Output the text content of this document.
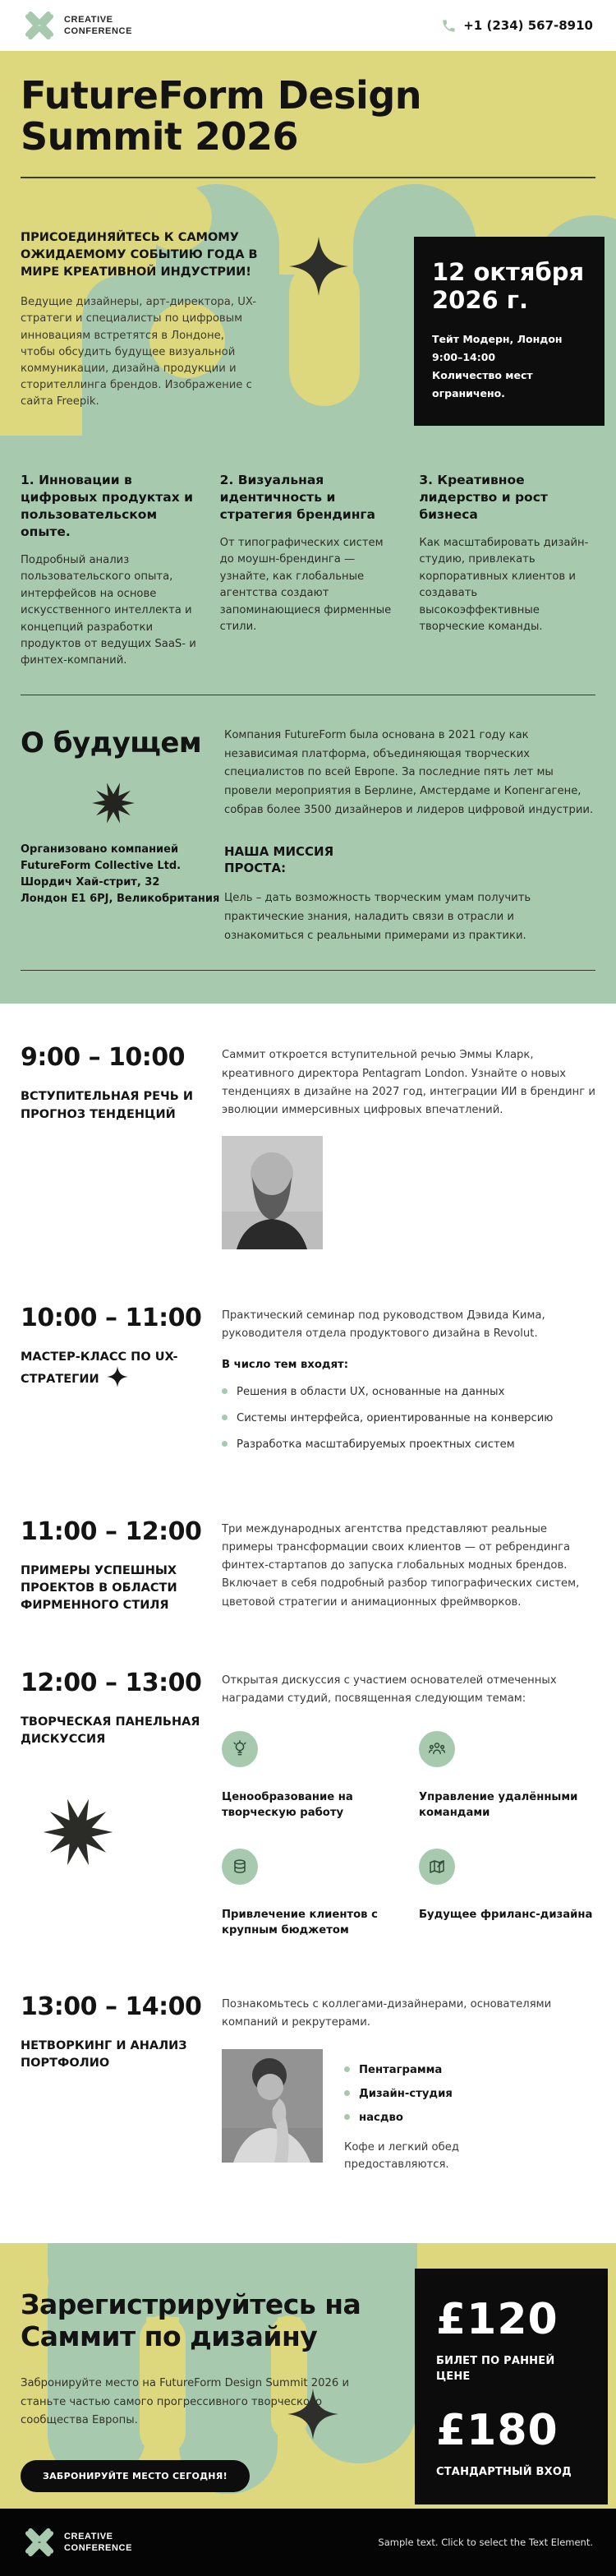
CREATIVE
CONFERENCE	+1 (234) 567-8910
FutureForm Design Summit 2026
ПРИСОЕДИНЯЙТЕСЬ К САМОМУ ОЖИДАЕМОМУ СОБЫТИЮ ГОДА В МИРЕ КРЕАТИВНОЙ ИНДУСТРИИ!

Ведущие дизайнеры, арт-директора, UX-стратеги и специалисты по цифровым инновациям встретятся в Лондоне, чтобы обсудить будущее визуальной коммуникации, дизайна продукции и сторителлинга брендов. Изображение с сайта Freepik.

12 октября 2026 г.
Тейт Модерн, Лондон
9:00–14:00
Количество мест ограничено.
1. Инновации в цифровых продуктах и пользовательском опыте.

Подробный анализ пользовательского опыта, интерфейсов на основе искусственного интеллекта и концепций разработки продуктов от ведущих SaaS- и финтех-компаний.

2. Визуальная идентичность и стратегия брендинга

От типографических систем до моушн-брендинга — узнайте, как глобальные агентства создают запоминающиеся фирменные стили.

3. Креативное лидерство и рост бизнеса

Как масштабировать дизайн-студию, привлекать корпоративных клиентов и создавать высокоэффективные творческие команды.

О будущем
Организовано компанией FutureForm Collective Ltd.
Шордич Хай-стрит, 32
Лондон E1 6PJ, Великобритания

Компания FutureForm была основана в 2021 году как независимая платформа, объединяющая творческих специалистов по всей Европе. За последние пять лет мы провели мероприятия в Берлине, Амстердаме и Копенгагене, собрав более 3500 дизайнеров и лидеров цифровой индустрии.

НАША МИССИЯ ПРОСТА:

Цель – дать возможность творческим умам получить практические знания, наладить связи в отрасли и ознакомиться с реальными примерами из практики.

9:00 – 10:00
ВСТУПИТЕЛЬНАЯ РЕЧЬ И ПРОГНОЗ ТЕНДЕНЦИЙ

Саммит откроется вступительной речью Эммы Кларк, креативного директора Pentagram London. Узнайте о новых тенденциях в дизайне на 2027 год, интеграции ИИ в брендинг и эволюции иммерсивных цифровых впечатлений.

10:00 – 11:00
МАСТЕР-КЛАСС ПО UX-СТРАТЕГИИ

Практический семинар под руководством Дэвида Кима, руководителя отдела продуктового дизайна в Revolut.

В число тем входят:
Решения в области UX, основанные на данных
Системы интерфейса, ориентированные на конверсию
Разработка масштабируемых проектных систем
11:00 – 12:00
ПРИМЕРЫ УСПЕШНЫХ ПРОЕКТОВ В ОБЛАСТИ ФИРМЕННОГО СТИЛЯ

Три международных агентства представляют реальные примеры трансформации своих клиентов — от ребрендинга финтех-стартапов до запуска глобальных модных брендов. Включает в себя подробный разбор типографических систем, цветовой стратегии и анимационных фреймворков.

12:00 – 13:00
ТВОРЧЕСКАЯ ПАНЕЛЬНАЯ ДИСКУССИЯ

Открытая дискуссия с участием основателей отмеченных наградами студий, посвященная следующим темам:

Ценообразование на творческую работу
Управление удалёнными командами
Привлечение клиентов с крупным бюджетом
Будущее фриланс-дизайна
13:00 – 14:00
НЕТВОРКИНГ И АНАЛИЗ ПОРТФОЛИО

Познакомьтесь с коллегами-дизайнерами, основателями компаний и рекрутерами.

Пентаграмма
Дизайн-студия
насдво

Кофе и легкий обед предоставляются.

Зарегистрируйтесь на Саммит по дизайну

Забронируйте место на FutureForm Design Summit 2026 и станьте частью самого прогрессивного творческого сообщества Европы.

ЗАБРОНИРУЙТЕ МЕСТО СЕГОДНЯ!
£120
БИЛЕТ ПО РАННЕЙ ЦЕНЕ
£180
СТАНДАРТНЫЙ ВХОД
CREATIVE
CONFERENCE	Sample text. Click to select the Text Element.
